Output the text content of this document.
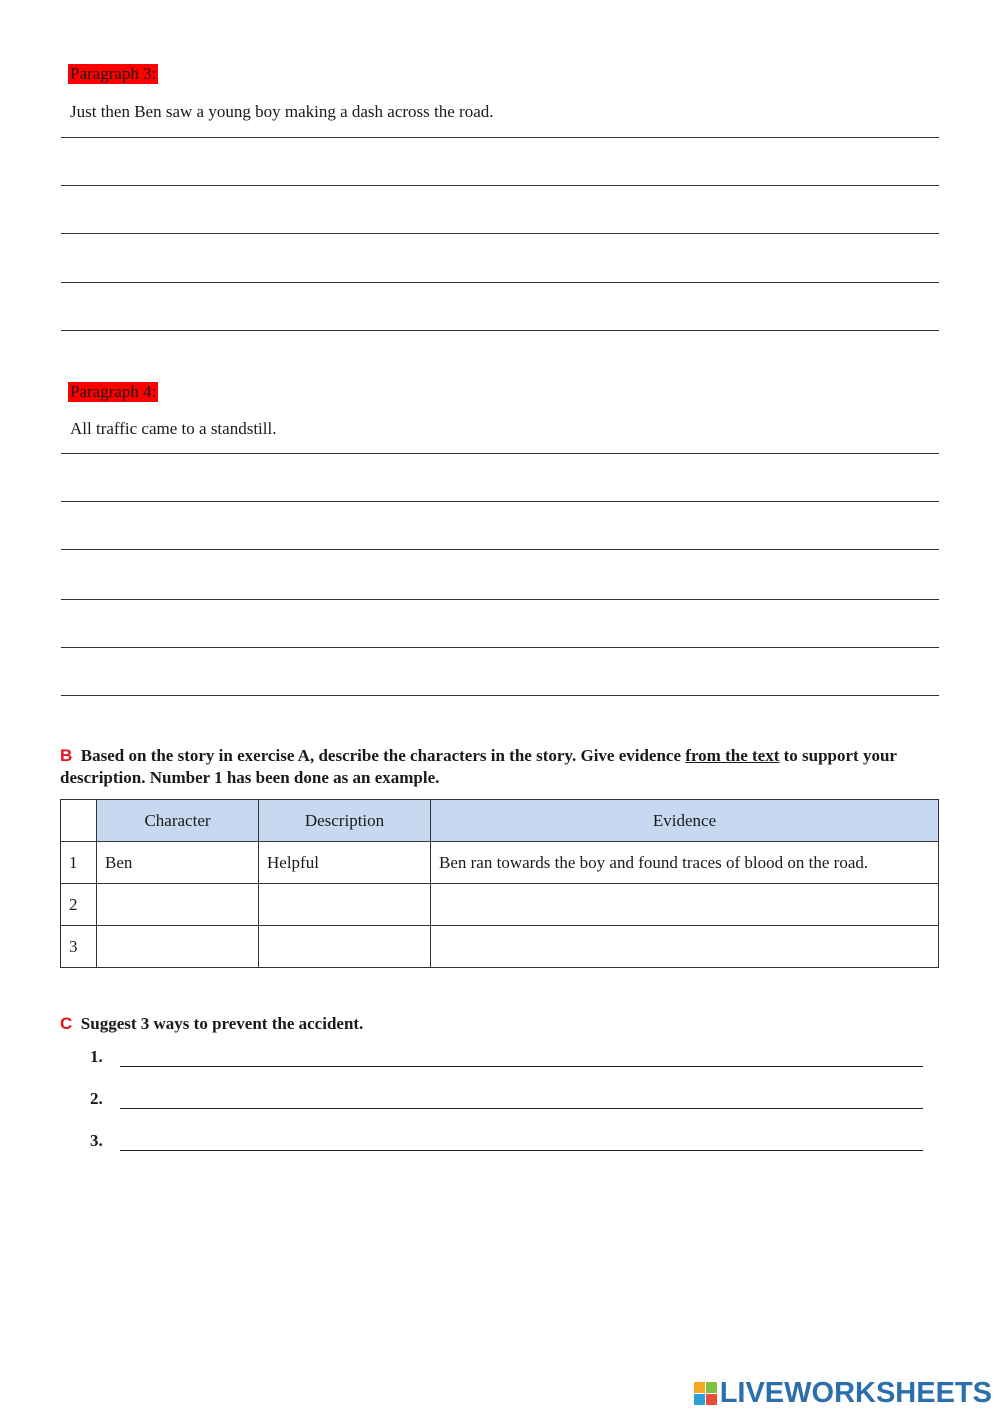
Paragraph 3:
Just then Ben saw a young boy making a dash across the road.
Paragraph 4:
All traffic came to a standstill.
B Based on the story in exercise A, describe the characters in the story. Give evidence from the text to support your description. Number 1 has been done as an example.
	Character	Description	Evidence
1	Ben	Helpful	Ben ran towards the boy and found traces of blood on the road.
2			
3			
C Suggest 3 ways to prevent the accident.
1.
2.
3.
LIVEWORKSHEETS
